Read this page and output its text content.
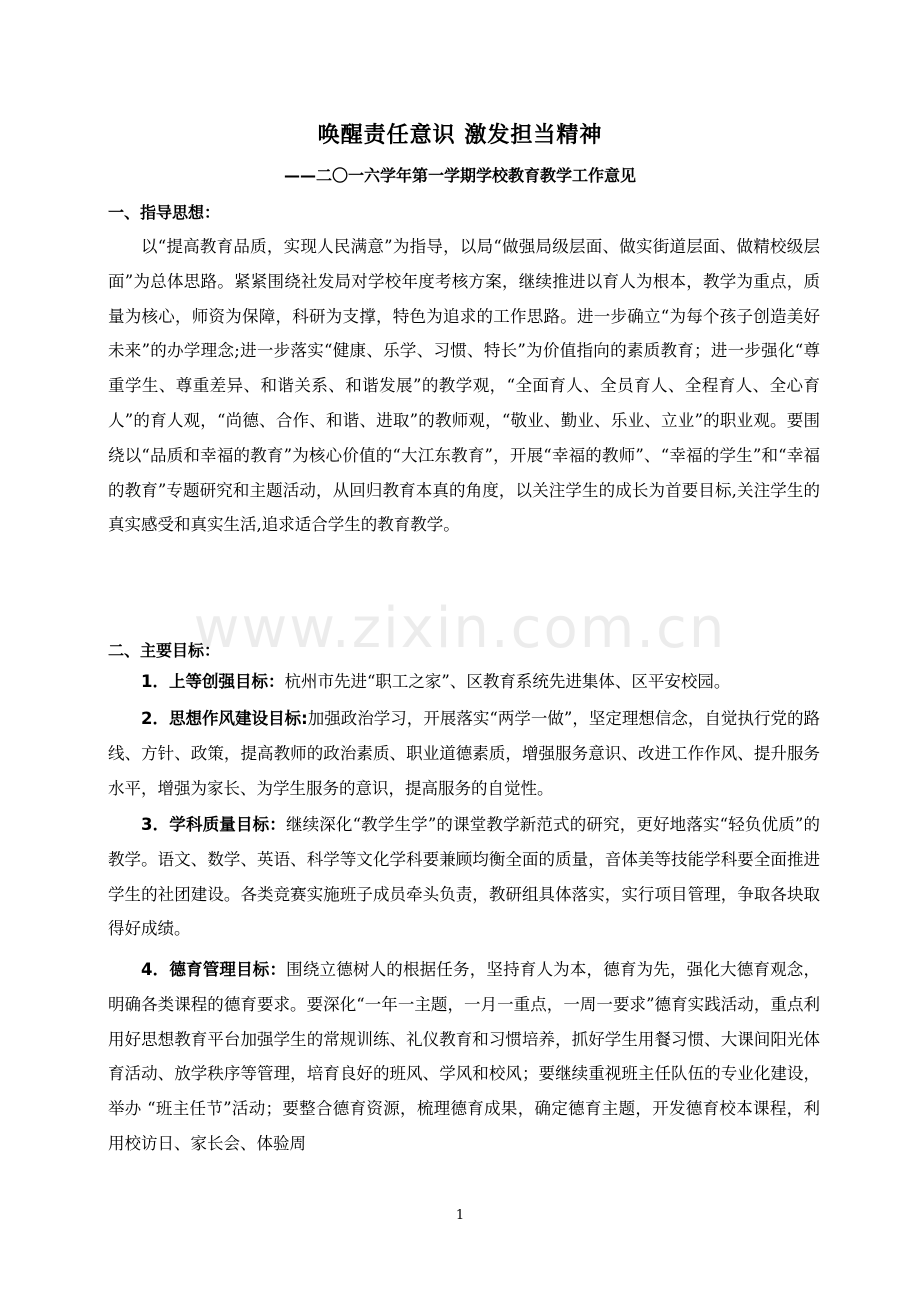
唤醒责任意识 激发担当精神
——二〇一六学年第一学期学校教育教学工作意见
一、指导思想：

以“提高教育品质，实现人民满意”为指导，以局“做强局级层面、做实街道层面、做精校级层面”为总体思路。紧紧围绕社发局对学校年度考核方案，继续推进以育人为根本，教学为重点，质量为核心，师资为保障，科研为支撑，特色为追求的工作思路。进一步确立“为每个孩子创造美好未来”的办学理念;进一步落实“健康、乐学、习惯、特长”为价值指向的素质教育；进一步强化“尊重学生、尊重差异、和谐关系、和谐发展”的教学观，“全面育人、全员育人、全程育人、全心育人”的育人观，“尚德、合作、和谐、进取”的教师观，“敬业、勤业、乐业、立业”的职业观。要围绕以“品质和幸福的教育”为核心价值的“大江东教育”，开展“幸福的教师”、“幸福的学生”和“幸福的教育”专题研究和主题活动，从回归教育本真的角度，以关注学生的成长为首要目标,关注学生的真实感受和真实生活,追求适合学生的教育教学。

www.zixin.com.cn
二、主要目标：

1．上等创强目标：杭州市先进“职工之家”、区教育系统先进集体、区平安校园。

2．思想作风建设目标:加强政治学习，开展落实“两学一做”，坚定理想信念，自觉执行党的路线、方针、政策，提高教师的政治素质、职业道德素质，增强服务意识、改进工作作风、提升服务水平，增强为家长、为学生服务的意识，提高服务的自觉性。

3．学科质量目标：继续深化“教学生学”的课堂教学新范式的研究，更好地落实“轻负优质”的教学。语文、数学、英语、科学等文化学科要兼顾均衡全面的质量，音体美等技能学科要全面推进学生的社团建设。各类竞赛实施班子成员牵头负责，教研组具体落实，实行项目管理，争取各块取得好成绩。

4．德育管理目标：围绕立德树人的根据任务，坚持育人为本，德育为先，强化大德育观念，明确各类课程的德育要求。要深化“一年一主题，一月一重点，一周一要求”德育实践活动，重点利用好思想教育平台加强学生的常规训练、礼仪教育和习惯培养，抓好学生用餐习惯、大课间阳光体育活动、放学秩序等管理，培育良好的班风、学风和校风；要继续重视班主任队伍的专业化建设，举办 “班主任节”活动；要整合德育资源，梳理德育成果，确定德育主题，开发德育校本课程，利用校访日、家长会、体验周

1
